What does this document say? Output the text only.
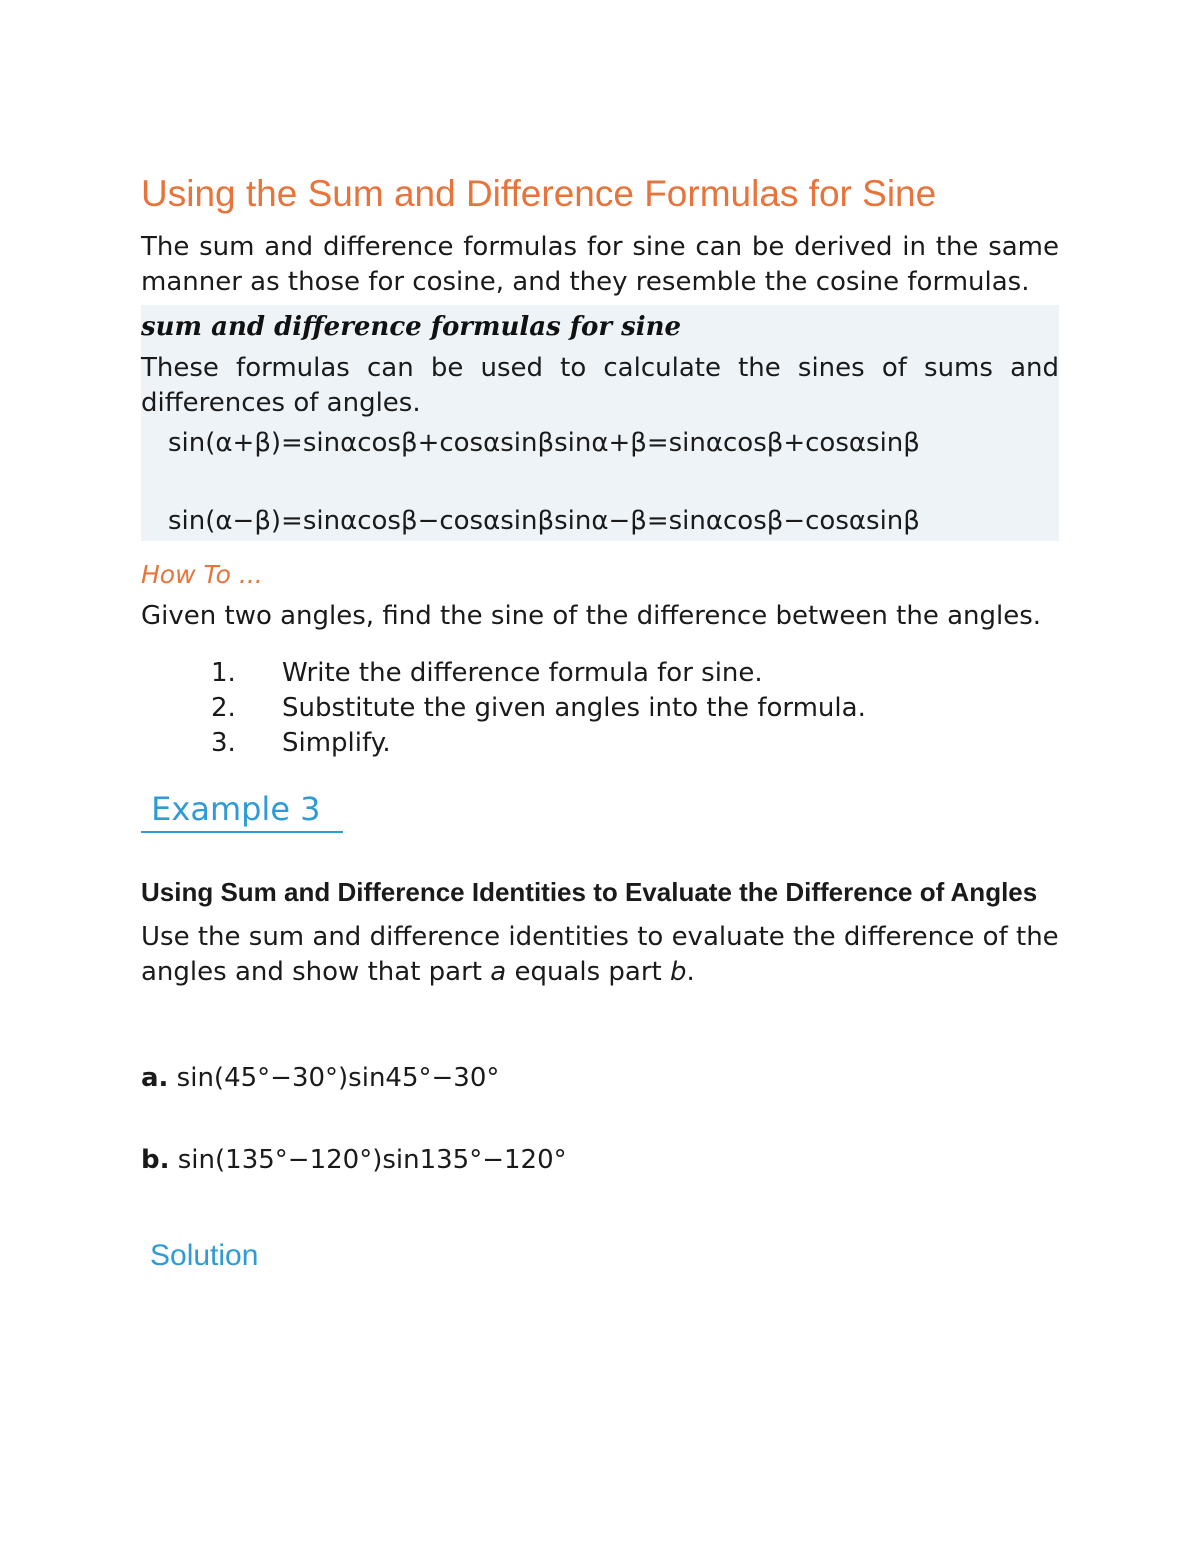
Using the Sum and Difference Formulas for Sine

The sum and difference formulas for sine can be derived in the same manner as those for cosine, and they resemble the cosine formulas.

sum and difference formulas for sine

These formulas can be used to calculate the sines of sums and differences of angles.

sin(α+β)=sinαcosβ+cosαsinβsinα+β=sinαcosβ+cosαsinβ

sin(α−β)=sinαcosβ−cosαsinβsinα−β=sinαcosβ−cosαsinβ

How To ...

Given two angles, find the sine of the difference between the angles.

1.	Write the difference formula for sine.
2.	Substitute the given angles into the formula.
3.	Simplify.
Example 3

Using Sum and Difference Identities to Evaluate the Difference of Angles

Use the sum and difference identities to evaluate the difference of the angles and show that part a equals part b.

a. sin(45°−30°)sin45°−30°

b. sin(135°−120°)sin135°−120°

Solution
